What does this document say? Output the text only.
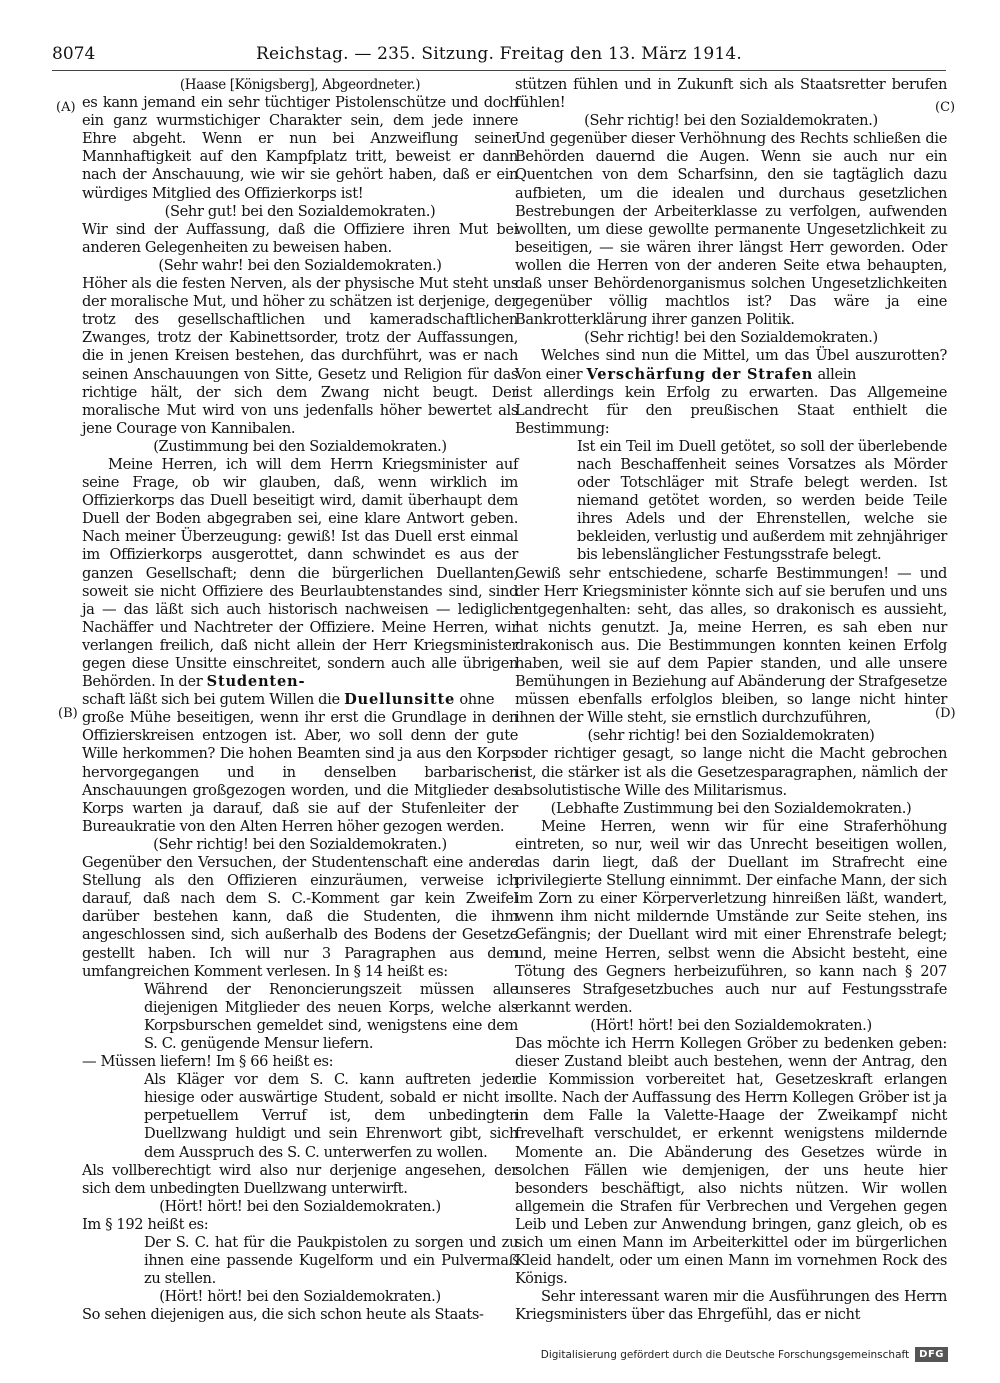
8074	Reichstag. — 235. Sitzung. Freitag den 13. März 1914.
(A)
(B)
(C)
(D)

(Haase [Königsberg], Abgeordneter.)

es kann jemand ein sehr tüchtiger Pistolenschütze und doch ein ganz wurmstichiger Charakter sein, dem jede innere Ehre abgeht. Wenn er nun bei Anzweiflung seiner Mannhaftigkeit auf den Kampfplatz tritt, beweist er dann nach der Anschauung, wie wir sie gehört haben, daß er ein würdiges Mitglied des Offizierkorps ist!

(Sehr gut! bei den Sozialdemokraten.)

Wir sind der Auffassung, daß die Offiziere ihren Mut bei anderen Gelegenheiten zu beweisen haben.

(Sehr wahr! bei den Sozialdemokraten.)

Höher als die festen Nerven, als der physische Mut steht uns der moralische Mut, und höher zu schätzen ist derjenige, der trotz des gesellschaftlichen und kameradschaftlichen Zwanges, trotz der Kabinettsorder, trotz der Auffassungen, die in jenen Kreisen bestehen, das durchführt, was er nach seinen Anschauungen von Sitte, Gesetz und Religion für das richtige hält, der sich dem Zwang nicht beugt. Der moralische Mut wird von uns jedenfalls höher bewertet als jene Courage von Kannibalen.

(Zustimmung bei den Sozialdemokraten.)

Meine Herren, ich will dem Herrn Kriegsminister auf seine Frage, ob wir glauben, daß, wenn wirklich im Offizierkorps das Duell beseitigt wird, damit überhaupt dem Duell der Boden abgegraben sei, eine klare Antwort geben. Nach meiner Überzeugung: gewiß! Ist das Duell erst einmal im Offizierkorps ausgerottet, dann schwindet es aus der ganzen Gesellschaft; denn die bürgerlichen Duellanten, soweit sie nicht Offiziere des Beurlaubtenstandes sind, sind ja — das läßt sich auch historisch nachweisen — lediglich Nachäffer und Nachtreter der Offiziere. Meine Herren, wir verlangen freilich, daß nicht allein der Herr Kriegsminister gegen diese Unsitte einschreitet, sondern auch alle übrigen Behörden. In der Studenten-

schaft läßt sich bei gutem Willen die Duellunsitte ohne

große Mühe beseitigen, wenn ihr erst die Grundlage in den Offizierskreisen entzogen ist. Aber, wo soll denn der gute Wille herkommen? Die hohen Beamten sind ja aus den Korps hervorgegangen und in denselben barbarischen Anschauungen großgezogen worden, und die Mitglieder des Korps warten ja darauf, daß sie auf der Stufenleiter der Bureaukratie von den Alten Herren höher gezogen werden.

(Sehr richtig! bei den Sozialdemokraten.)

Gegenüber den Versuchen, der Studentenschaft eine andere Stellung als den Offizieren einzuräumen, verweise ich darauf, daß nach dem S. C.-Komment gar kein Zweifel darüber bestehen kann, daß die Studenten, die ihm angeschlossen sind, sich außerhalb des Bodens der Gesetze gestellt haben. Ich will nur 3 Paragraphen aus dem umfangreichen Komment verlesen. In § 14 heißt es:

Während der Renoncierungszeit müssen alle diejenigen Mitglieder des neuen Korps, welche als Korpsburschen gemeldet sind, wenigstens eine dem S. C. genügende Mensur liefern.

— Müssen liefern! Im § 66 heißt es:

Als Kläger vor dem S. C. kann auftreten jeder hiesige oder auswärtige Student, sobald er nicht in perpetuellem Verruf ist, dem unbedingten Duellzwang huldigt und sein Ehrenwort gibt, sich dem Ausspruch des S. C. unterwerfen zu wollen.

Als vollberechtigt wird also nur derjenige angesehen, der sich dem unbedingten Duellzwang unterwirft.

(Hört! hört! bei den Sozialdemokraten.)

Im § 192 heißt es:

Der S. C. hat für die Paukpistolen zu sorgen und zu ihnen eine passende Kugelform und ein Pulvermaß zu stellen.

(Hört! hört! bei den Sozialdemokraten.)

So sehen diejenigen aus, die sich schon heute als Staats-

stützen fühlen und in Zukunft sich als Staatsretter berufen fühlen!

(Sehr richtig! bei den Sozialdemokraten.)

Und gegenüber dieser Verhöhnung des Rechts schließen die Behörden dauernd die Augen. Wenn sie auch nur ein Quentchen von dem Scharfsinn, den sie tagtäglich dazu aufbieten, um die idealen und durchaus gesetzlichen Bestrebungen der Arbeiterklasse zu verfolgen, aufwenden wollten, um diese gewollte permanente Ungesetzlichkeit zu beseitigen, — sie wären ihrer längst Herr geworden. Oder wollen die Herren von der anderen Seite etwa behaupten, daß unser Behördenorganismus solchen Ungesetzlichkeiten gegenüber völlig machtlos ist? Das wäre ja eine Bankrotterklärung ihrer ganzen Politik.

(Sehr richtig! bei den Sozialdemokraten.)

Welches sind nun die Mittel, um das Übel auszurotten? Von einer Verschärfung der Strafen allein

ist allerdings kein Erfolg zu erwarten. Das Allgemeine Landrecht für den preußischen Staat enthielt die Bestimmung:

Ist ein Teil im Duell getötet, so soll der überlebende nach Beschaffenheit seines Vorsatzes als Mörder oder Totschläger mit Strafe belegt werden. Ist niemand getötet worden, so werden beide Teile ihres Adels und der Ehrenstellen, welche sie bekleiden, verlustig und außerdem mit zehnjähriger bis lebenslänglicher Festungsstrafe belegt.

Gewiß sehr entschiedene, scharfe Bestimmungen! — und der Herr Kriegsminister könnte sich auf sie berufen und uns entgegenhalten: seht, das alles, so drakonisch es aussieht, hat nichts genutzt. Ja, meine Herren, es sah eben nur drakonisch aus. Die Bestimmungen konnten keinen Erfolg haben, weil sie auf dem Papier standen, und alle unsere Bemühungen in Beziehung auf Abänderung der Strafgesetze müssen ebenfalls erfolglos bleiben, so lange nicht hinter ihnen der Wille steht, sie ernstlich durchzuführen,

(sehr richtig! bei den Sozialdemokraten)

oder richtiger gesagt, so lange nicht die Macht gebrochen ist, die stärker ist als die Gesetzesparagraphen, nämlich der absolutistische Wille des Militarismus.

(Lebhafte Zustimmung bei den Sozialdemokraten.)

Meine Herren, wenn wir für eine Straferhöhung eintreten, so nur, weil wir das Unrecht beseitigen wollen, das darin liegt, daß der Duellant im Strafrecht eine privilegierte Stellung einnimmt. Der einfache Mann, der sich im Zorn zu einer Körperverletzung hinreißen läßt, wandert, wenn ihm nicht mildernde Umstände zur Seite stehen, ins Gefängnis; der Duellant wird mit einer Ehrenstrafe belegt; und, meine Herren, selbst wenn die Absicht besteht, eine Tötung des Gegners herbeizuführen, so kann nach § 207 unseres Strafgesetzbuches auch nur auf Festungsstrafe erkannt werden.

(Hört! hört! bei den Sozialdemokraten.)

Das möchte ich Herrn Kollegen Gröber zu bedenken geben: dieser Zustand bleibt auch bestehen, wenn der Antrag, den die Kommission vorbereitet hat, Gesetzeskraft erlangen sollte. Nach der Auffassung des Herrn Kollegen Gröber ist ja in dem Falle la Valette-Haage der Zweikampf nicht frevelhaft verschuldet, er erkennt wenigstens mildernde Momente an. Die Abänderung des Gesetzes würde in solchen Fällen wie demjenigen, der uns heute hier besonders beschäftigt, also nichts nützen. Wir wollen allgemein die Strafen für Verbrechen und Vergehen gegen Leib und Leben zur Anwendung bringen, ganz gleich, ob es sich um einen Mann im Arbeiterkittel oder im bürgerlichen Kleid handelt, oder um einen Mann im vornehmen Rock des Königs.

Sehr interessant waren mir die Ausführungen des Herrn Kriegsministers über das Ehrgefühl, das er nicht

Digitalisierung gefördert durch die Deutsche Forschungsgemeinschaft	DFG
